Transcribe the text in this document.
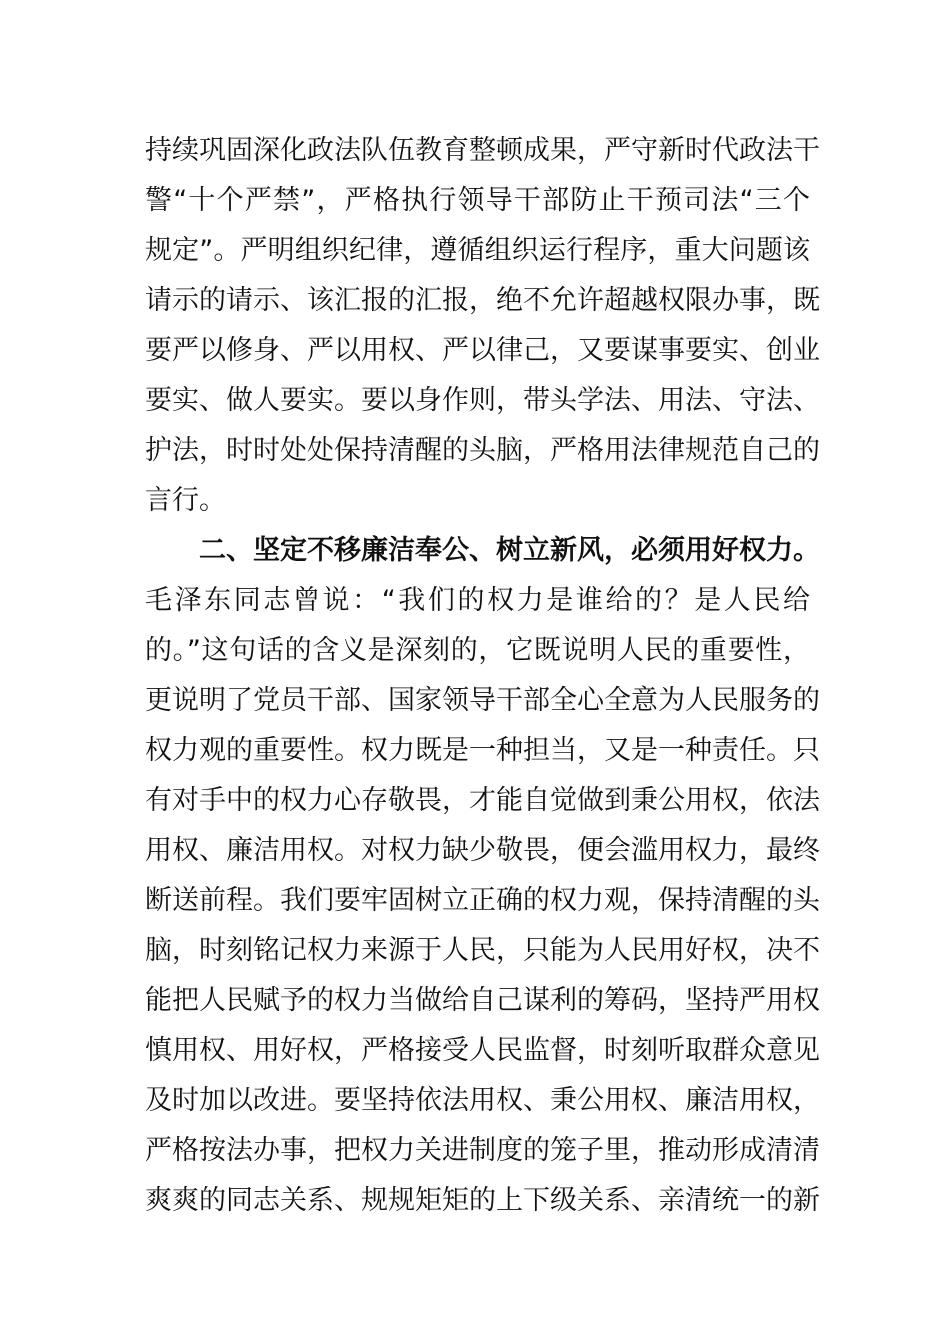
持续巩固深化政法队伍教育整顿成果，严守新时代政法干
警“十个严禁”，严格执行领导干部防止干预司法“三个
规定”。严明组织纪律，遵循组织运行程序，重大问题该
请示的请示、该汇报的汇报，绝不允许超越权限办事，既
要严以修身、严以用权、严以律己，又要谋事要实、创业
要实、做人要实。要以身作则，带头学法、用法、守法、
护法，时时处处保持清醒的头脑，严格用法律规范自己的
言行。
二、坚定不移廉洁奉公、树立新风，必须用好权力。
毛泽东同志曾说：“我们的权力是谁给的？是人民给
的。”这句话的含义是深刻的，它既说明人民的重要性，
更说明了党员干部、国家领导干部全心全意为人民服务的
权力观的重要性。权力既是一种担当，又是一种责任。只
有对手中的权力心存敬畏，才能自觉做到秉公用权，依法
用权、廉洁用权。对权力缺少敬畏，便会滥用权力，最终
断送前程。我们要牢固树立正确的权力观，保持清醒的头
脑，时刻铭记权力来源于人民，只能为人民用好权，决不
能把人民赋予的权力当做给自己谋利的筹码，坚持严用权
慎用权、用好权，严格接受人民监督，时刻听取群众意见
及时加以改进。要坚持依法用权、秉公用权、廉洁用权，
严格按法办事，把权力关进制度的笼子里，推动形成清清
爽爽的同志关系、规规矩矩的上下级关系、亲清统一的新
